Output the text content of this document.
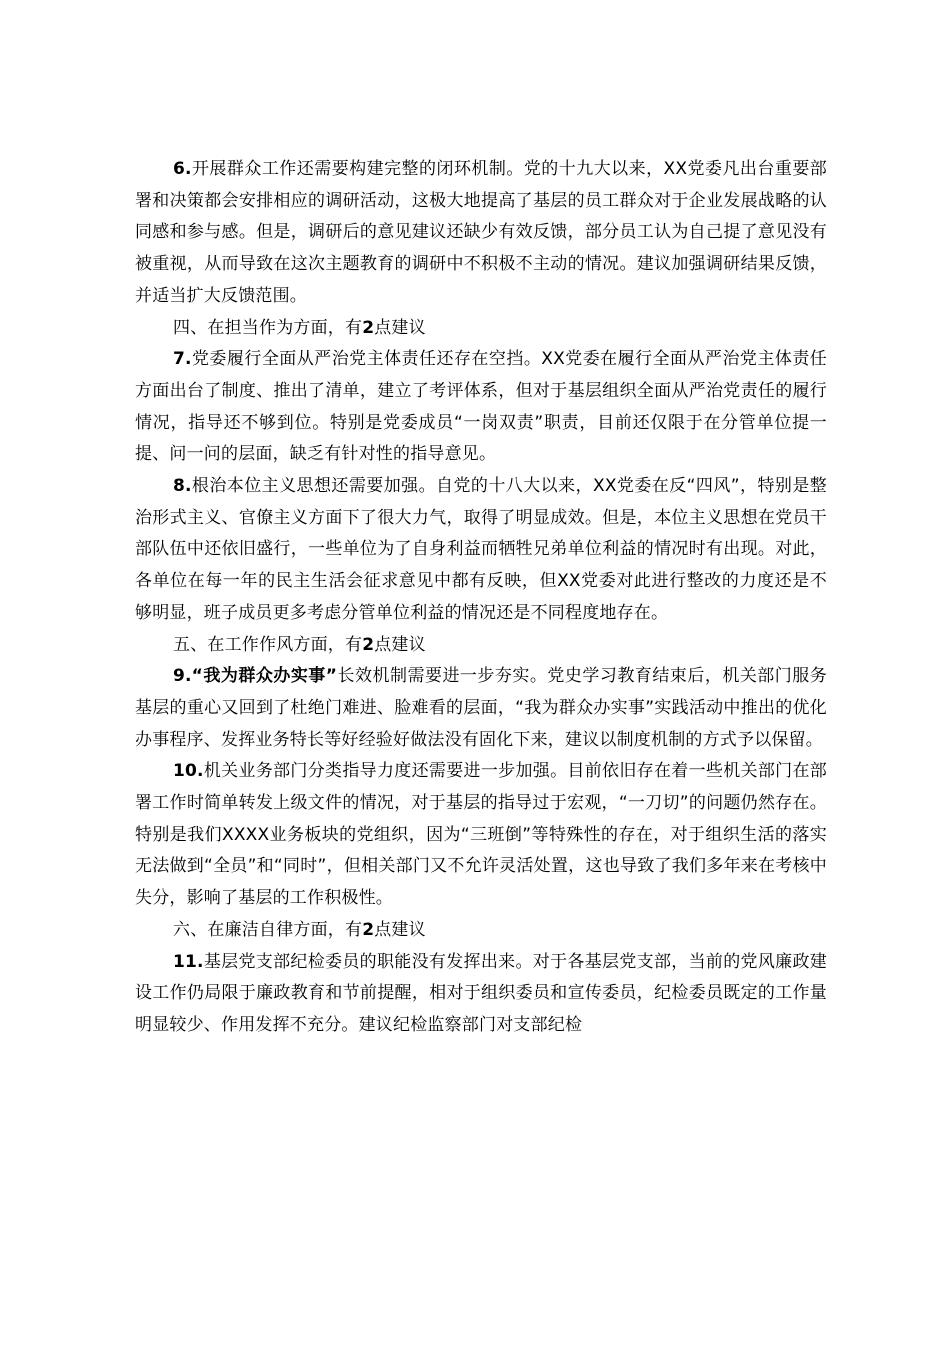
6.开展群众工作还需要构建完整的闭环机制。党的十九大以来，XX党委凡出台重要部署和决策都会安排相应的调研活动，这极大地提高了基层的员工群众对于企业发展战略的认同感和参与感。但是，调研后的意见建议还缺少有效反馈，部分员工认为自己提了意见没有被重视，从而导致在这次主题教育的调研中不积极不主动的情况。建议加强调研结果反馈，并适当扩大反馈范围。

四、在担当作为方面，有2点建议

7.党委履行全面从严治党主体责任还存在空挡。XX党委在履行全面从严治党主体责任方面出台了制度、推出了清单，建立了考评体系，但对于基层组织全面从严治党责任的履行情况，指导还不够到位。特别是党委成员“一岗双责”职责，目前还仅限于在分管单位提一提、问一问的层面，缺乏有针对性的指导意见。

8.根治本位主义思想还需要加强。自党的十八大以来，XX党委在反“四风”，特别是整治形式主义、官僚主义方面下了很大力气，取得了明显成效。但是，本位主义思想在党员干部队伍中还依旧盛行，一些单位为了自身利益而牺牲兄弟单位利益的情况时有出现。对此，各单位在每一年的民主生活会征求意见中都有反映，但XX党委对此进行整改的力度还是不够明显，班子成员更多考虑分管单位利益的情况还是不同程度地存在。

五、在工作作风方面，有2点建议

9.“我为群众办实事”长效机制需要进一步夯实。党史学习教育结束后，机关部门服务基层的重心又回到了杜绝门难进、脸难看的层面，“我为群众办实事”实践活动中推出的优化办事程序、发挥业务特长等好经验好做法没有固化下来，建议以制度机制的方式予以保留。

10.机关业务部门分类指导力度还需要进一步加强。目前依旧存在着一些机关部门在部署工作时简单转发上级文件的情况，对于基层的指导过于宏观，“一刀切”的问题仍然存在。特别是我们XXXX业务板块的党组织，因为“三班倒”等特殊性的存在，对于组织生活的落实无法做到“全员”和“同时”，但相关部门又不允许灵活处置，这也导致了我们多年来在考核中失分，影响了基层的工作积极性。

六、在廉洁自律方面，有2点建议

11.基层党支部纪检委员的职能没有发挥出来。对于各基层党支部，当前的党风廉政建设工作仍局限于廉政教育和节前提醒，相对于组织委员和宣传委员，纪检委员既定的工作量明显较少、作用发挥不充分。建议纪检监察部门对支部纪检
